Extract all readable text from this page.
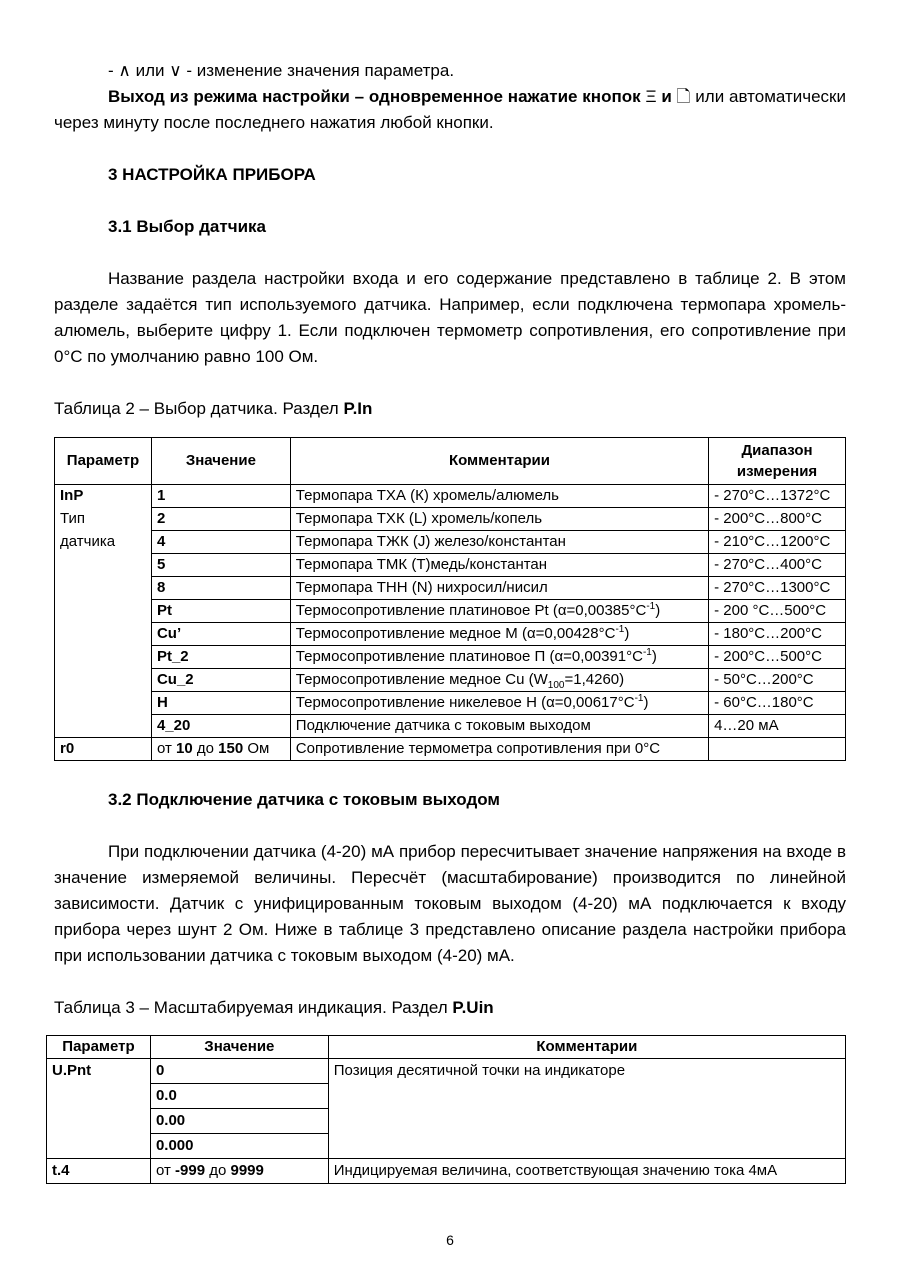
- ∧ или ∨ - изменение значения параметра.

Выход из режима настройки – одновременное нажатие кнопок Ξ и 🗋 или автоматически через минуту после последнего нажатия любой кнопки.

3 НАСТРОЙКА ПРИБОРА
3.1 Выбор датчика

Название раздела настройки входа и его содержание представлено в таблице 2. В этом разделе задаётся тип используемого датчика. Например, если подключена термопара хромель-алюмель, выберите цифру 1. Если подключен термометр сопротивления, его сопротивление при 0°С по умолчанию равно 100 Ом.

Таблица 2 – Выбор датчика. Раздел P.In
Параметр	Значение	Комментарии	Диапазон измерения
InP	1	Термопара ТХА (К) хромель/алюмель	- 270°С…1372°С
Тип	2	Термопара ТХК (L) хромель/копель	- 200°С…800°С
датчика	4	Термопара ТЖК (J) железо/константан	- 210°С…1200°С
	5	Термопара ТМК (Т)медь/константан	- 270°С…400°С
	8	Термопара ТНН (N) нихросил/нисил	- 270°С…1300°С
	Pt	Термосопротивление платиновое Pt $(\alpha=0,00385^\circ С^{-1})$	- 200 °С…500°С
	Cu’	Термосопротивление медное М $(\alpha=0,00428^\circ С^{-1})$	- 180°С…200°С
	Pt_2	Термосопротивление платиновое П $(\alpha=0,00391^\circ С^{-1})$	- 200°С…500°С
	Cu_2	Термосопротивление медное Cu $(W_{100}=1,4260)$	- 50°С…200°С
	H	Термосопротивление никелевое Н $(\alpha=0,00617^\circ С^{-1})$	- 60°С…180°С
	4_20	Подключение датчика с токовым выходом	4…20 мА
r0	от 10 до 150 Ом	Сопротивление термометра сопротивления при 0°С	
3.2 Подключение датчика с токовым выходом

При подключении датчика (4-20) мА прибор пересчитывает значение напряжения на входе в значение измеряемой величины. Пересчёт (масштабирование) производится по линейной зависимости. Датчик с унифицированным токовым выходом (4-20) мА подключается к входу прибора через шунт 2 Ом. Ниже в таблице 3 представлено описание раздела настройки прибора при использовании датчика с токовым выходом (4-20) мА.

Таблица 3 – Масштабируемая индикация. Раздел P.Uin
Параметр	Значение	Комментарии
U.Pnt	0	Позиция десятичной точки на индикаторе
	0.0	
	0.00	
	0.000	
t.4	от -999 до 9999	Индицируемая величина, соответствующая значению тока 4мА
6
